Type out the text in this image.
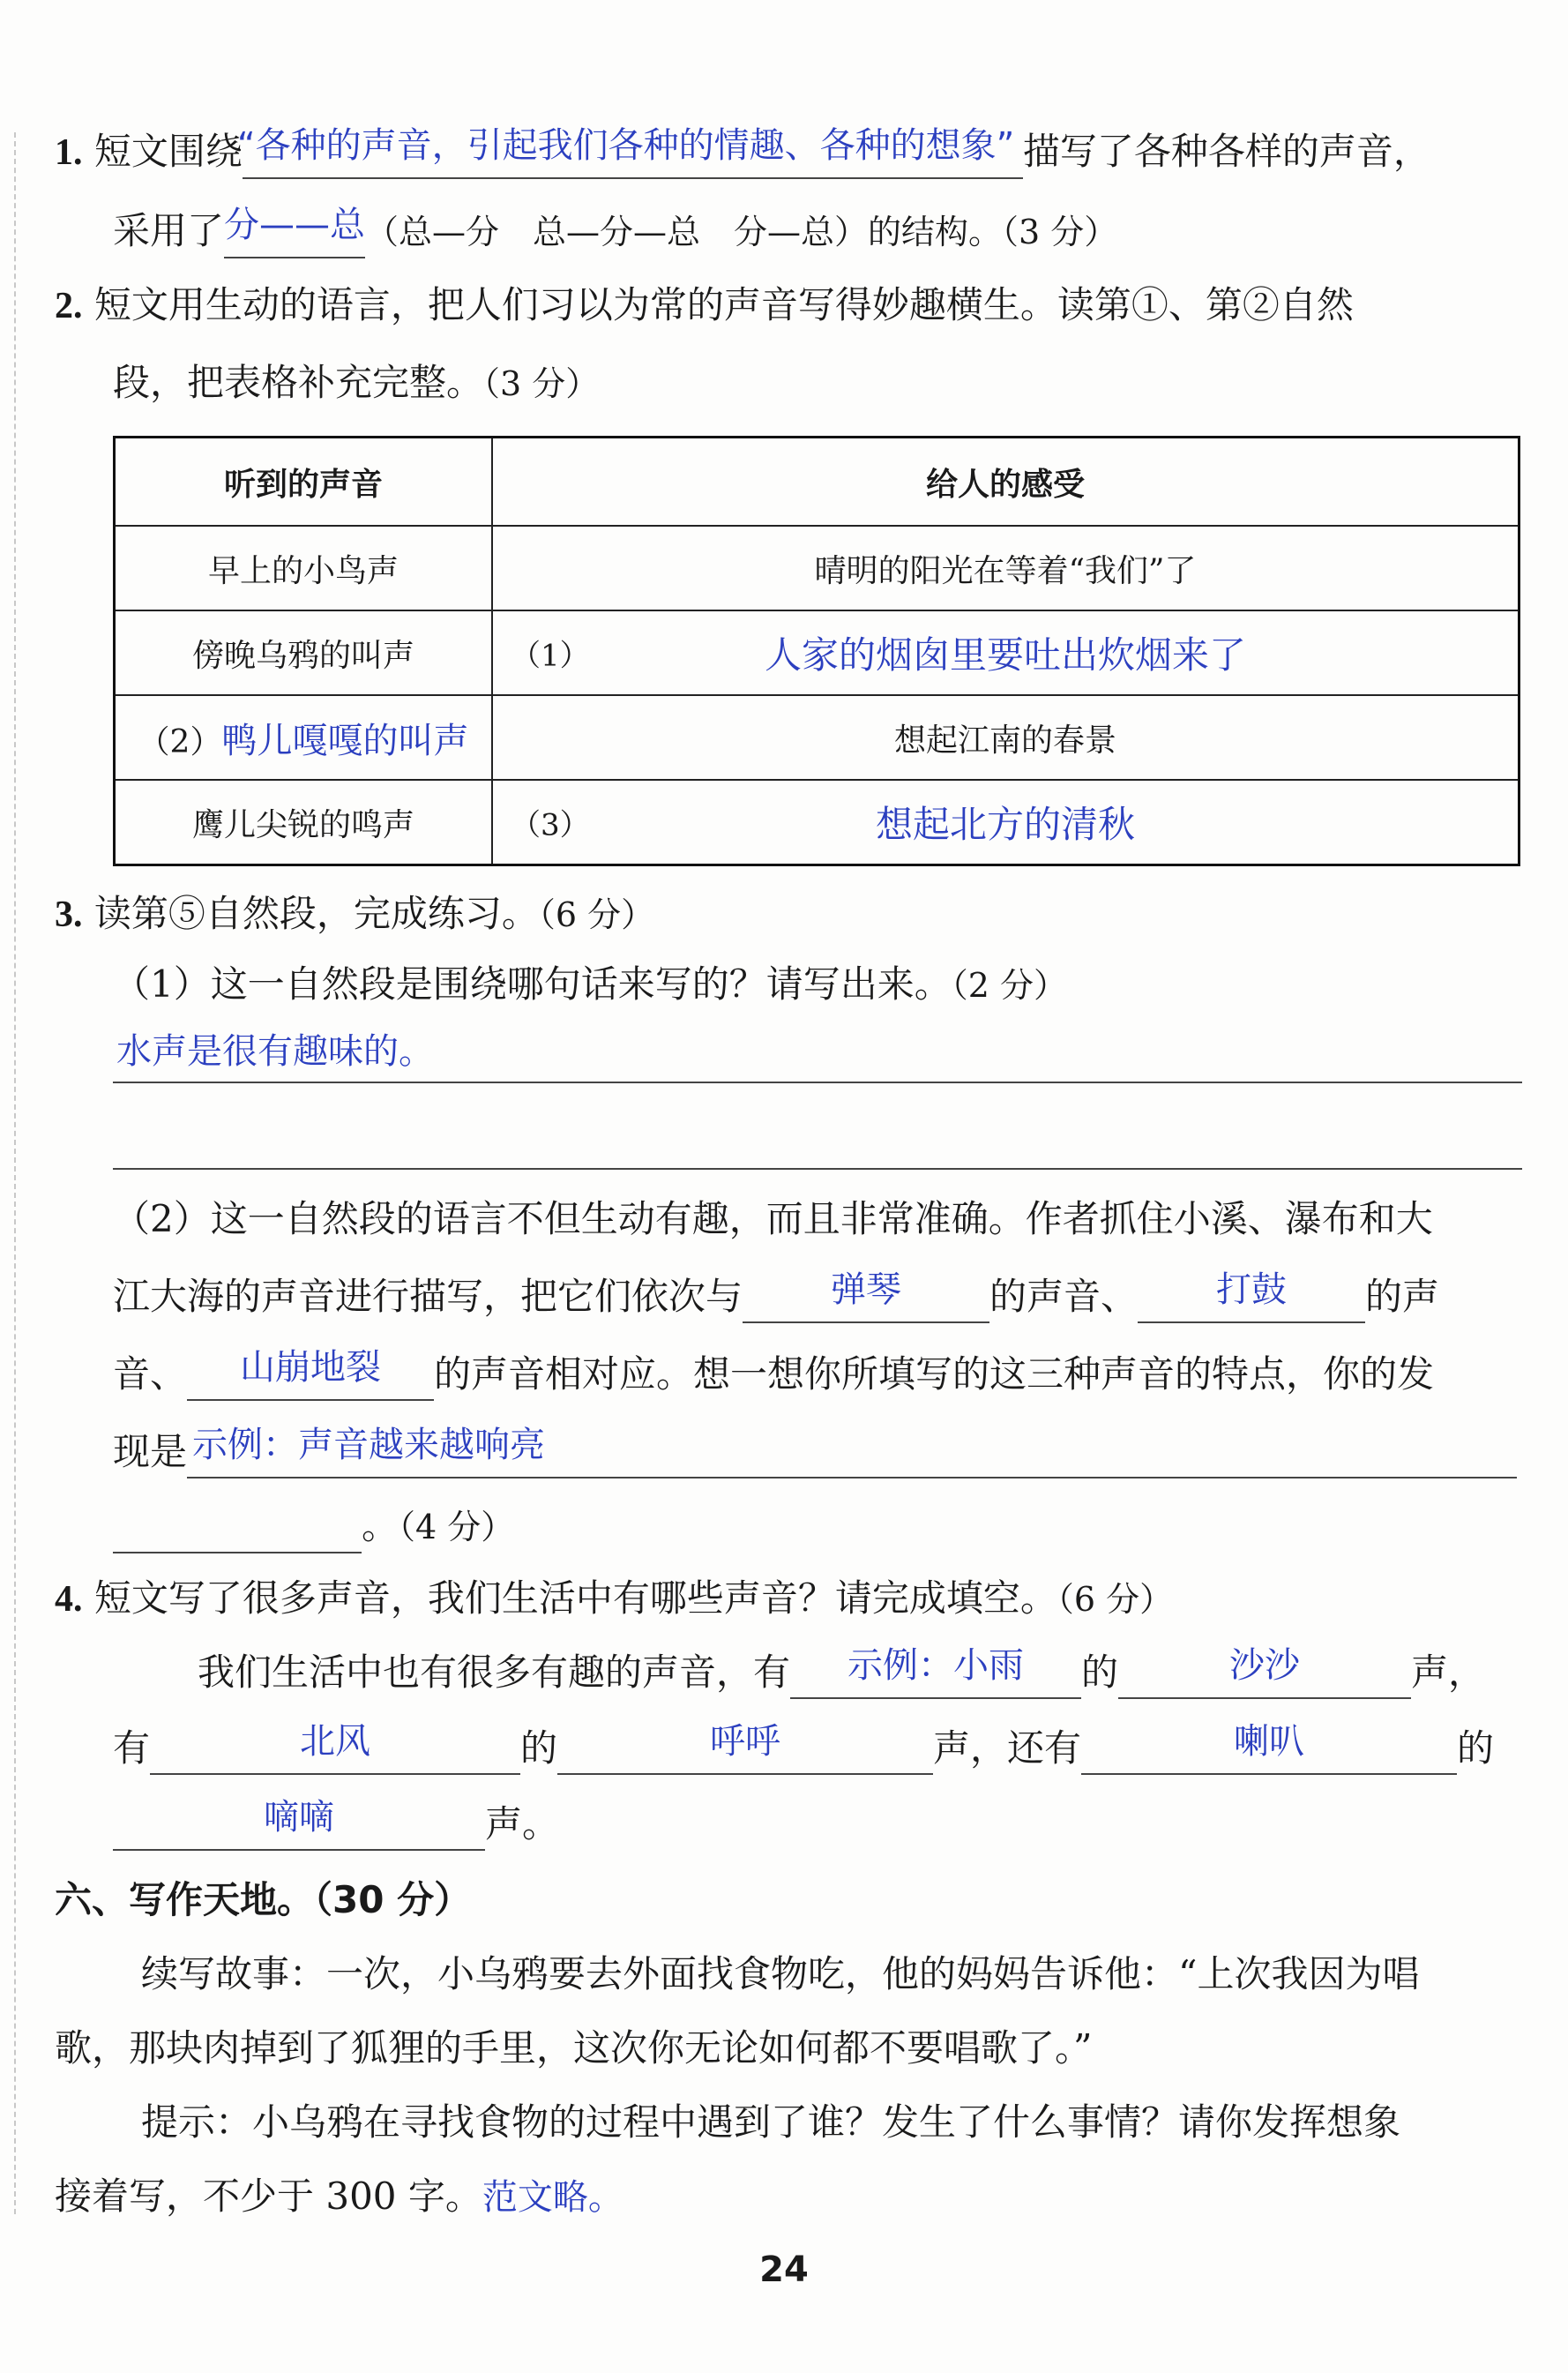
1. 短文围绕
“各种的声音，引起我们各种的情趣、各种的想象” 描写了各种各样的声音，
采用了 分——总 （总—分　总—分—总　分—总）的结构。（3 分）
2. 短文用生动的语言，把人们习以为常的声音写得妙趣横生。读第①、第②自然
段，把表格补充完整。（3 分）
听到的声音	给人的感受
早上的小鸟声	晴明的阳光在等着“我们”了
傍晚乌鸦的叫声	（1） 人家的烟囱里要吐出炊烟来了
（2）鸭儿嘎嘎的叫声	想起江南的春景
鹰儿尖锐的鸣声	（3） 想起北方的清秋
3. 读第⑤自然段，完成练习。（6 分）
（1）这一自然段是围绕哪句话来写的？请写出来。（2 分）
水声是很有趣味的。
（2）这一自然段的语言不但生动有趣，而且非常准确。作者抓住小溪、瀑布和大
江大海的声音进行描写，把它们依次与	弹琴	的声音、	打鼓	的声
音、	山崩地裂	的声音相对应。想一想你所填写的这三种声音的特点，你的发
现是 示例：声音越来越响亮
。（4 分）
4. 短文写了很多声音，我们生活中有哪些声音？请完成填空。（6 分）
我们生活中也有很多有趣的声音，有	示例：小雨	的	沙沙	声，
有	北风	的	呼呼	声，还有	喇叭	的
嘀嘀	声。
六、写作天地。（30 分）
续写故事：一次，小乌鸦要去外面找食物吃，他的妈妈告诉他：“上次我因为唱
歌，那块肉掉到了狐狸的手里，这次你无论如何都不要唱歌了。”
提示：小乌鸦在寻找食物的过程中遇到了谁？发生了什么事情？请你发挥想象
接着写，不少于 300 字。范文略。
24
